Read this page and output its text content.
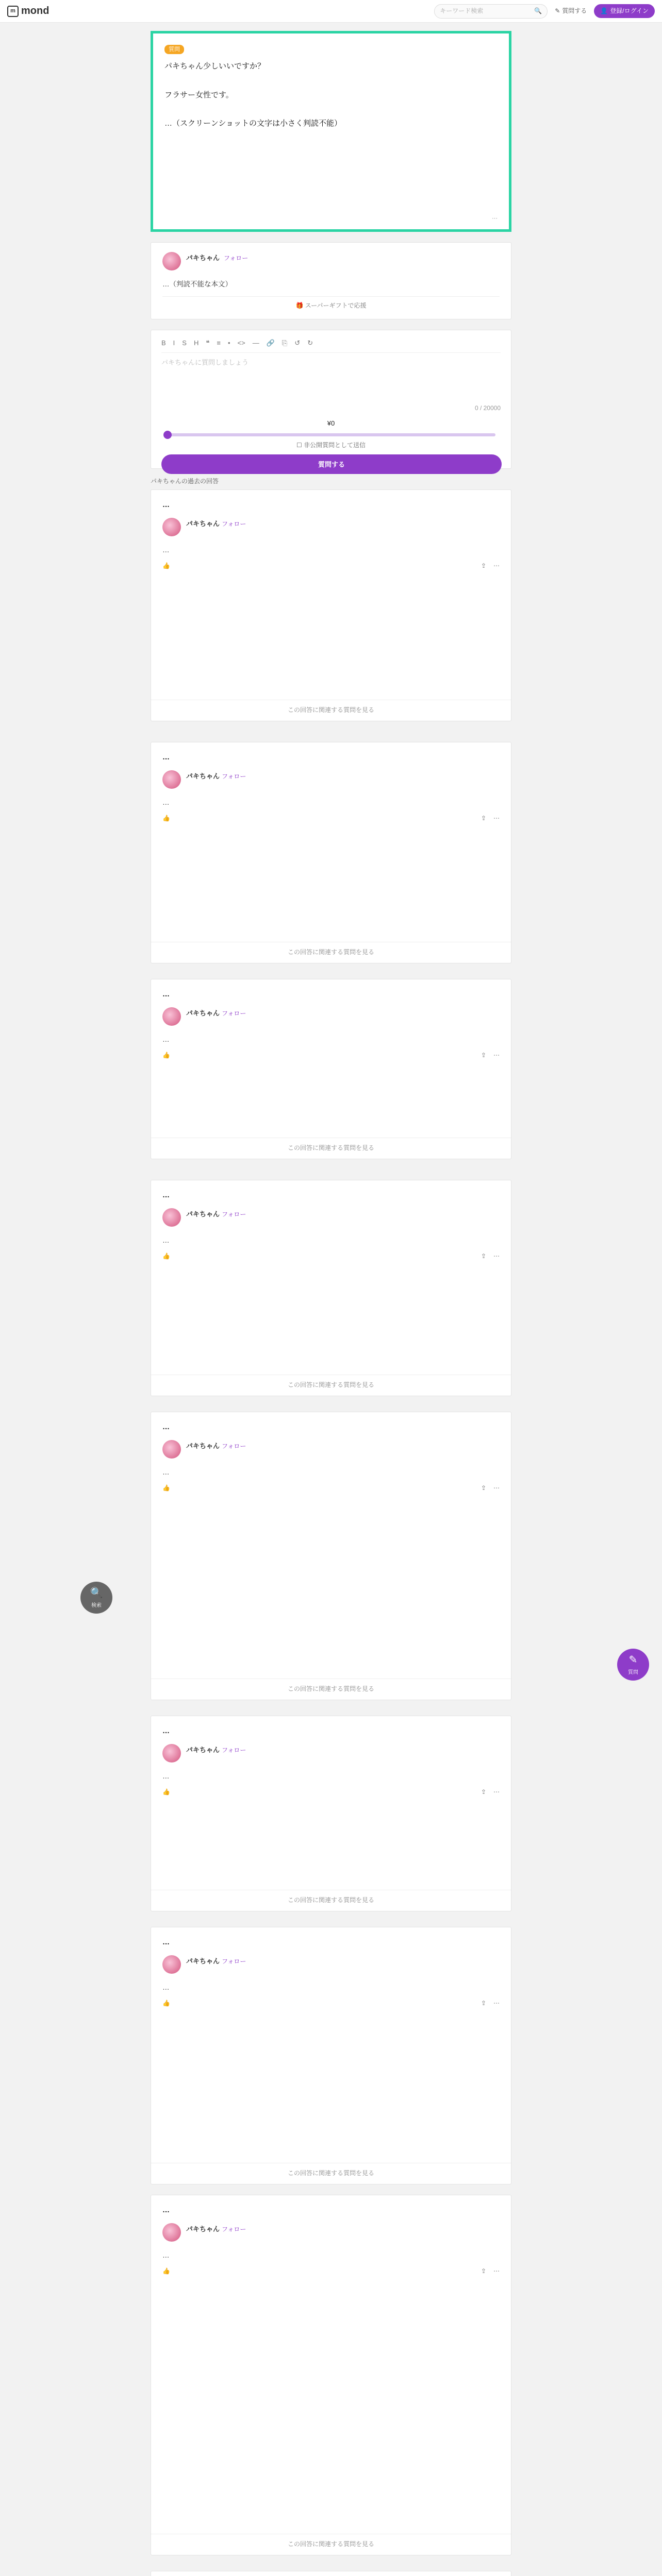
m mond	キーワード検索	🔍 ✎ 質問する 👤 登録/ログイン
質問
パキちゃん少しいいですか？

フラサー女性です。

…（スクリーンショットの文字は小さく判読不能）
⋯
パキちゃん フォロー
…（判読不能な本文）
🎁 スーパーギフトで応援
B I S H ❝ ≡ • <> — 🔗 ⎘ ↺ ↻
パキちゃんに質問しましょう
0 / 20000
¥0
☐ 非公開質問として送信
質問する
パキちゃんの過去の回答
…
パキちゃん フォロー
…
👍	⇪ ⋯
この回答に関連する質問を見る
…
パキちゃん フォロー
…
👍	⇪ ⋯
この回答に関連する質問を見る
…
パキちゃん フォロー
…
👍	⇪ ⋯
この回答に関連する質問を見る
…
パキちゃん フォロー
…
👍	⇪ ⋯
この回答に関連する質問を見る
…
パキちゃん フォロー
…
👍	⇪ ⋯
この回答に関連する質問を見る
…
パキちゃん フォロー
…
👍	⇪ ⋯
この回答に関連する質問を見る
…
パキちゃん フォロー
…
👍	⇪ ⋯
この回答に関連する質問を見る
…
パキちゃん フォロー
…
👍	⇪ ⋯
この回答に関連する質問を見る
🔍
検索
✎
質問
